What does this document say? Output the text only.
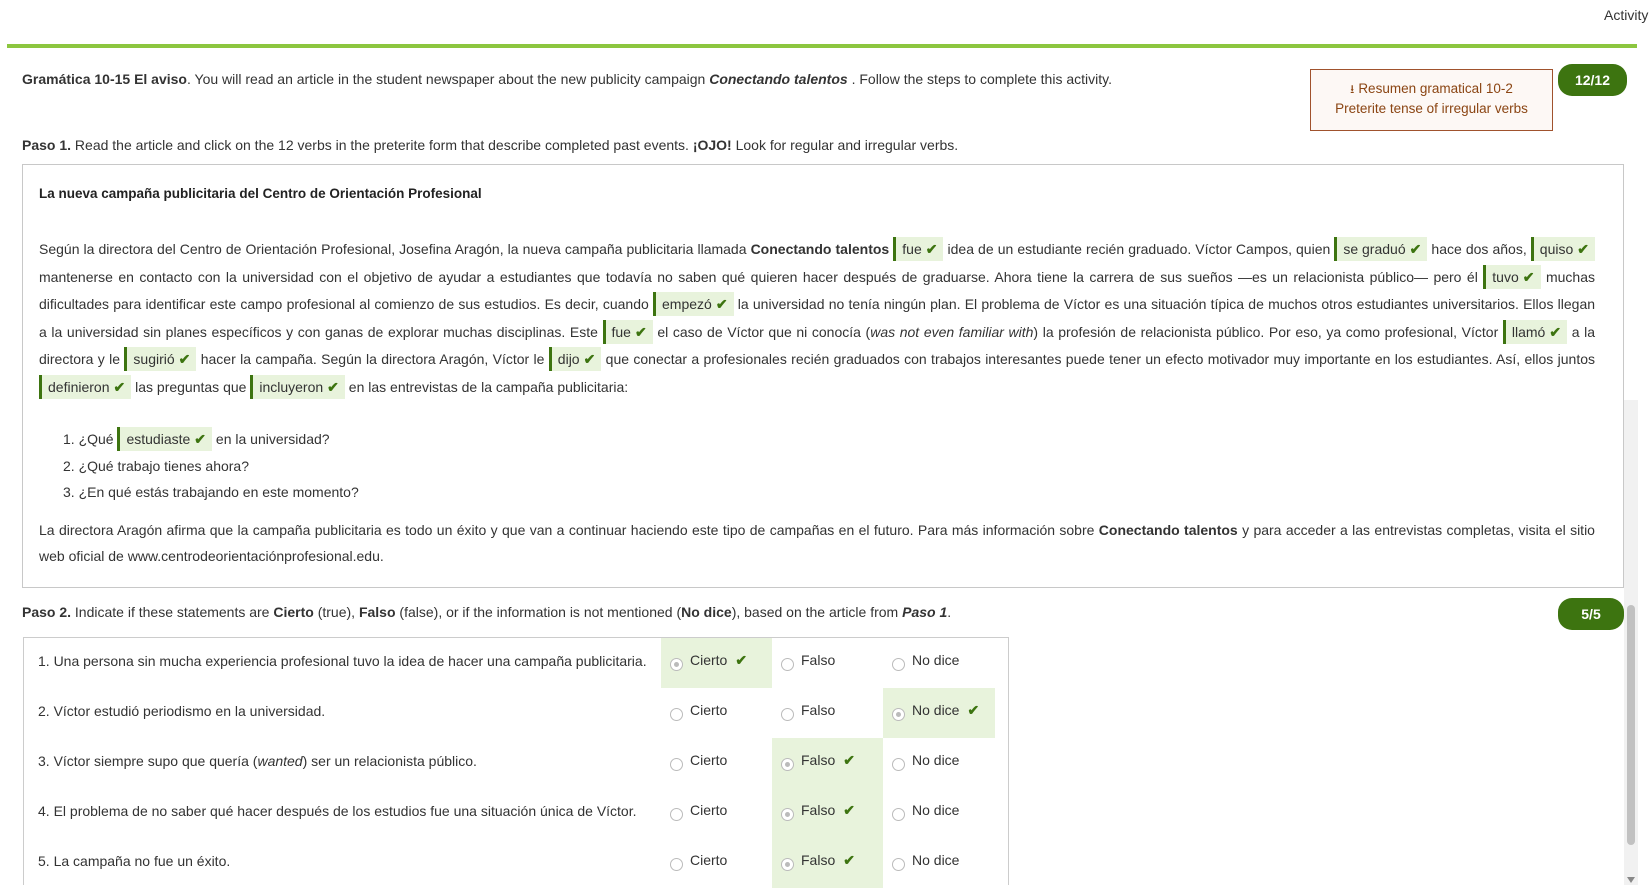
Activity
Gramática 10-15 El aviso. You will read an article in the student newspaper about the new publicity campaign Conectando talentos . Follow the steps to complete this activity.
⭳ Resumen gramatical 10-2
Preterite tense of irregular verbs
12/12
Paso 1. Read the article and click on the 12 verbs in the preterite form that describe completed past events. ¡OJO! Look for regular and irregular verbs.
La nueva campaña publicitaria del Centro de Orientación Profesional
Según la directora del Centro de Orientación Profesional, Josefina Aragón, la nueva campaña publicitaria llamada Conectando talentos fue ✔ idea de un estudiante recién graduado. Víctor Campos, quien se graduó ✔ hace dos años, quiso ✔ mantenerse en contacto con la universidad con el objetivo de ayudar a estudiantes que todavía no saben qué quieren hacer después de graduarse. Ahora tiene la carrera de sus sueños —es un relacionista público— pero él tuvo ✔ muchas dificultades para identificar este campo profesional al comienzo de sus estudios. Es decir, cuando empezó ✔ la universidad no tenía ningún plan. El problema de Víctor es una situación típica de muchos otros estudiantes universitarios. Ellos llegan a la universidad sin planes específicos y con ganas de explorar muchas disciplinas. Este fue ✔ el caso de Víctor que ni conocía (was not even familiar with) la profesión de relacionista público. Por eso, ya como profesional, Víctor llamó ✔ a la directora y le sugirió ✔ hacer la campaña. Según la directora Aragón, Víctor le dijo ✔ que conectar a profesionales recién graduados con trabajos interesantes puede tener un efecto motivador muy importante en los estudiantes. Así, ellos juntos definieron ✔ las preguntas que incluyeron ✔ en las entrevistas de la campaña publicitaria:
1. ¿Qué estudiaste ✔ en la universidad?
2. ¿Qué trabajo tienes ahora?
3. ¿En qué estás trabajando en este momento?
La directora Aragón afirma que la campaña publicitaria es todo un éxito y que van a continuar haciendo este tipo de campañas en el futuro. Para más información sobre Conectando talentos y para acceder a las entrevistas completas, visita el sitio web oficial de www.centrodeorientaciónprofesional.edu.
Paso 2. Indicate if these statements are Cierto (true), Falso (false), or if the information is not mentioned (No dice), based on the article from Paso 1.	5/5
1. Una persona sin mucha experiencia profesional tuvo la idea de hacer una campaña publicitaria.	Cierto ✔	Falso	No dice
2. Víctor estudió periodismo en la universidad.	Cierto	Falso	No dice ✔
3. Víctor siempre supo que quería (wanted) ser un relacionista público.	Cierto	Falso ✔	No dice
4. El problema de no saber qué hacer después de los estudios fue una situación única de Víctor.	Cierto	Falso ✔	No dice
5. La campaña no fue un éxito.	Cierto	Falso ✔	No dice
